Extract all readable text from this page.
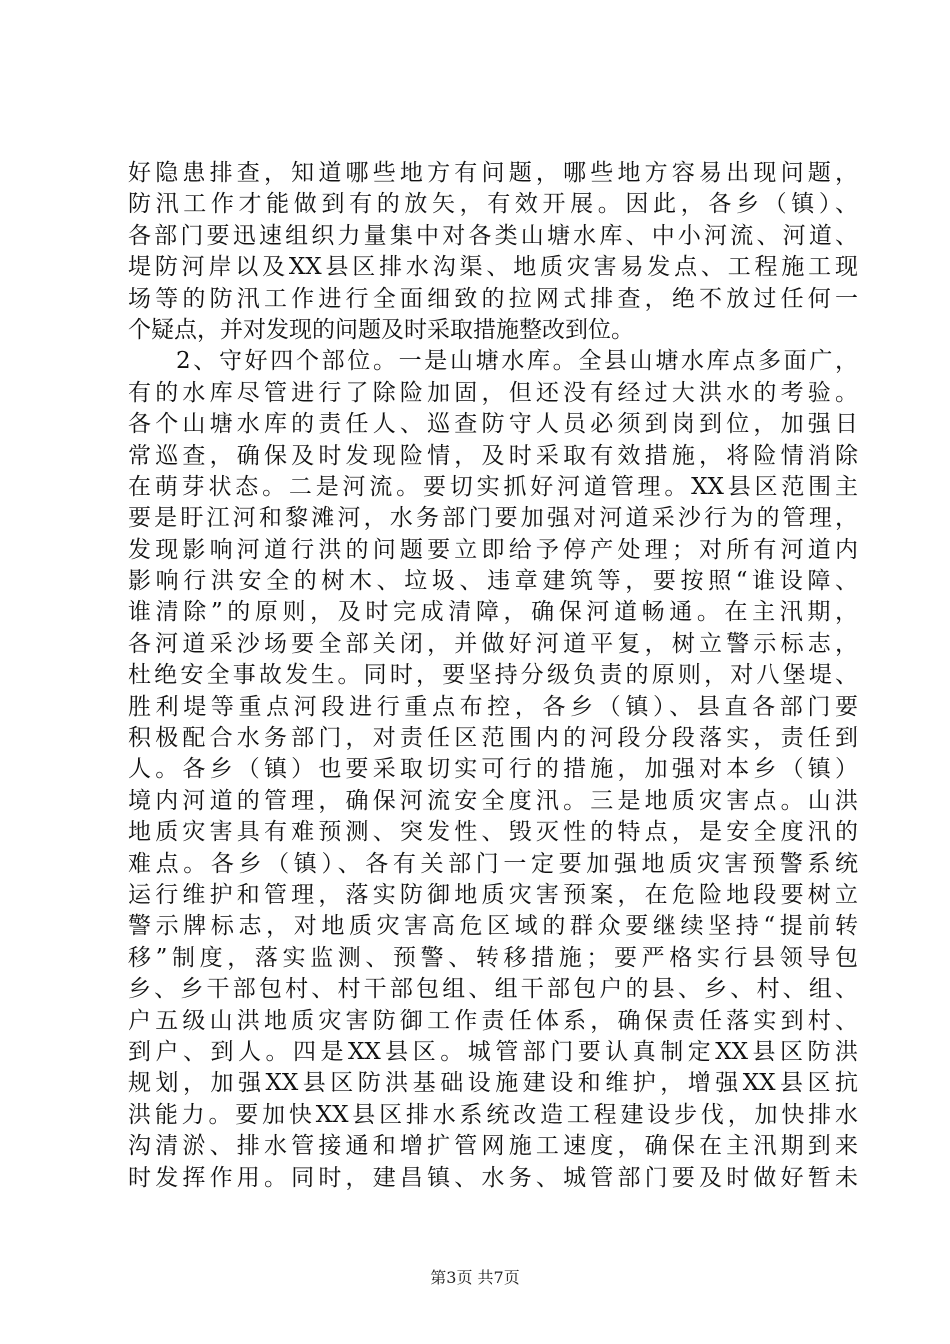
好隐患排查，知道哪些地方有问题，哪些地方容易出现问题，
防汛工作才能做到有的放矢，有效开展。因此，各乡（镇）、
各部门要迅速组织力量集中对各类山塘水库、中小河流、河道、
堤防河岸以及XX县区排水沟渠、地质灾害易发点、工程施工现
场等的防汛工作进行全面细致的拉网式排查，绝不放过任何一
个疑点，并对发现的问题及时采取措施整改到位。
2、守好四个部位。一是山塘水库。全县山塘水库点多面广，
有的水库尽管进行了除险加固，但还没有经过大洪水的考验。
各个山塘水库的责任人、巡查防守人员必须到岗到位，加强日
常巡查，确保及时发现险情，及时采取有效措施，将险情消除
在萌芽状态。二是河流。要切实抓好河道管理。XX县区范围主
要是盱江河和黎滩河，水务部门要加强对河道采沙行为的管理，
发现影响河道行洪的问题要立即给予停产处理；对所有河道内
影响行洪安全的树木、垃圾、违章建筑等，要按照“谁设障、
谁清除”的原则，及时完成清障，确保河道畅通。在主汛期，
各河道采沙场要全部关闭，并做好河道平复，树立警示标志，
杜绝安全事故发生。同时，要坚持分级负责的原则，对八堡堤、
胜利堤等重点河段进行重点布控，各乡（镇）、县直各部门要
积极配合水务部门，对责任区范围内的河段分段落实，责任到
人。各乡（镇）也要采取切实可行的措施，加强对本乡（镇）
境内河道的管理，确保河流安全度汛。三是地质灾害点。山洪
地质灾害具有难预测、突发性、毁灭性的特点，是安全度汛的
难点。各乡（镇）、各有关部门一定要加强地质灾害预警系统
运行维护和管理，落实防御地质灾害预案，在危险地段要树立
警示牌标志，对地质灾害高危区域的群众要继续坚持“提前转
移”制度，落实监测、预警、转移措施；要严格实行县领导包
乡、乡干部包村、村干部包组、组干部包户的县、乡、村、组、
户五级山洪地质灾害防御工作责任体系，确保责任落实到村、
到户、到人。四是XX县区。城管部门要认真制定XX县区防洪
规划，加强XX县区防洪基础设施建设和维护，增强XX县区抗
洪能力。要加快XX县区排水系统改造工程建设步伐，加快排水
沟清淤、排水管接通和增扩管网施工速度，确保在主汛期到来
时发挥作用。同时，建昌镇、水务、城管部门要及时做好暂未
第3页 共7页
